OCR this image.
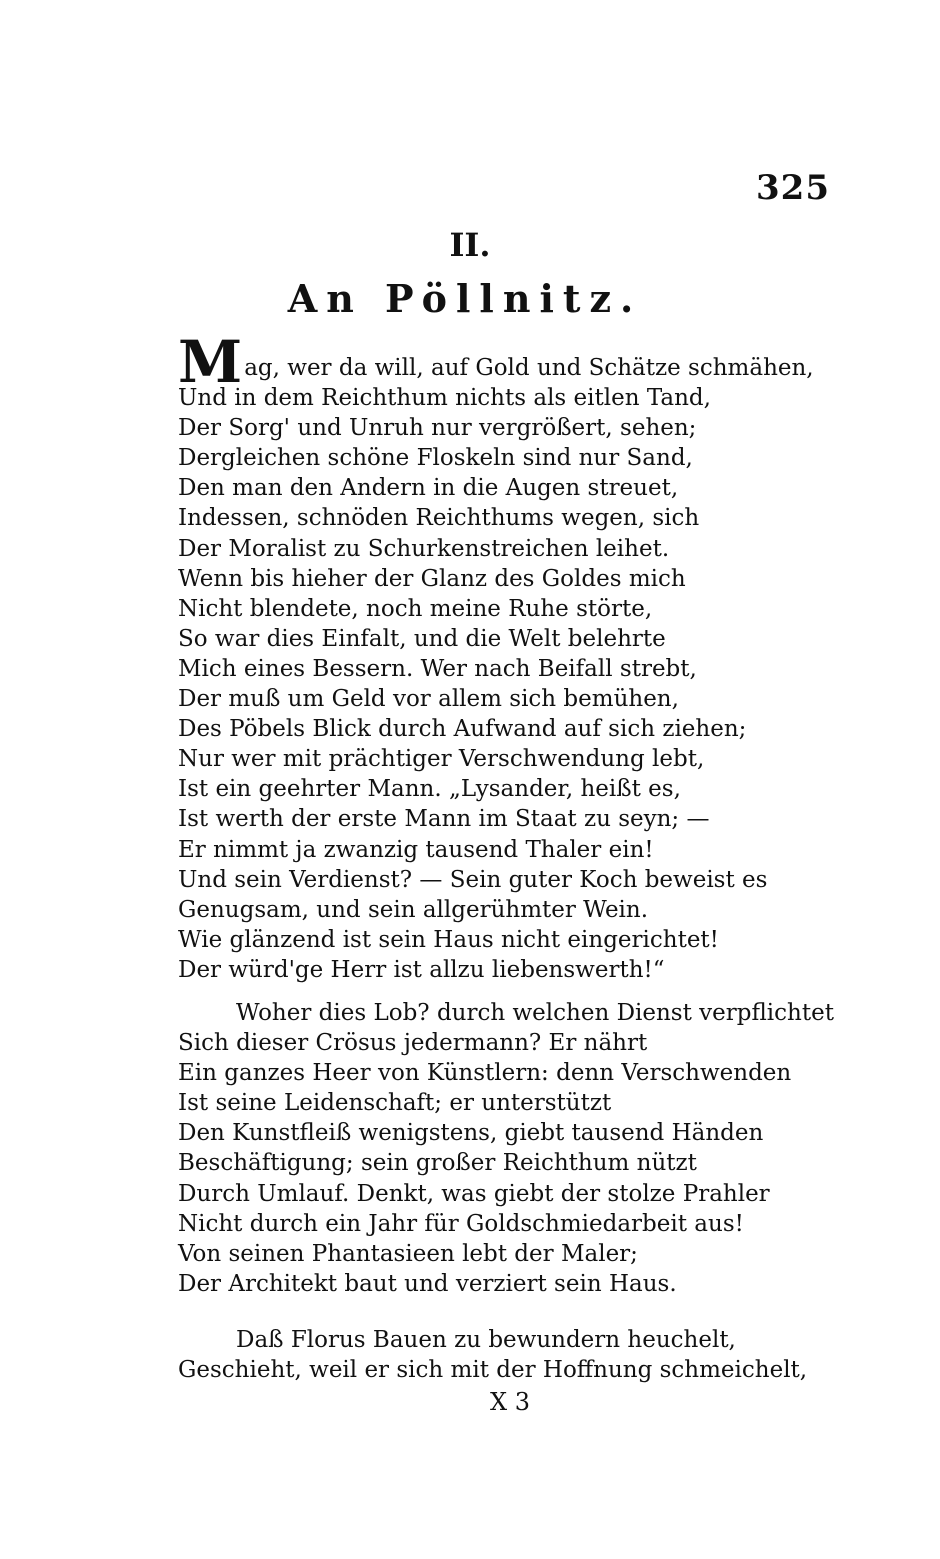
325
II.
An Pöllnitz.
Mag, wer da will, auf Gold und Schätze schmähen,
Und in dem Reichthum nichts als eitlen Tand,
Der Sorg' und Unruh nur vergrößert, sehen;
Dergleichen schöne Floskeln sind nur Sand,
Den man den Andern in die Augen streuet,
Indessen, schnöden Reichthums wegen, sich
Der Moralist zu Schurkenstreichen leihet.
Wenn bis hieher der Glanz des Goldes mich
Nicht blendete, noch meine Ruhe störte,
So war dies Einfalt, und die Welt belehrte
Mich eines Bessern. Wer nach Beifall strebt,
Der muß um Geld vor allem sich bemühen,
Des Pöbels Blick durch Aufwand auf sich ziehen;
Nur wer mit prächtiger Verschwendung lebt,
Ist ein geehrter Mann. „Lysander, heißt es,
Ist werth der erste Mann im Staat zu seyn; —
Er nimmt ja zwanzig tausend Thaler ein!
Und sein Verdienst? — Sein guter Koch beweist es
Genugsam, und sein allgerühmter Wein.
Wie glänzend ist sein Haus nicht eingerichtet!
Der würd'ge Herr ist allzu liebenswerth!“
Woher dies Lob? durch welchen Dienst verpflichtet
Sich dieser Crösus jedermann? Er nährt
Ein ganzes Heer von Künstlern: denn Verschwenden
Ist seine Leidenschaft; er unterstützt
Den Kunstfleiß wenigstens, giebt tausend Händen
Beschäftigung; sein großer Reichthum nützt
Durch Umlauf. Denkt, was giebt der stolze Prahler
Nicht durch ein Jahr für Goldschmiedarbeit aus!
Von seinen Phantasieen lebt der Maler;
Der Architekt baut und verziert sein Haus.
Daß Florus Bauen zu bewundern heuchelt,
Geschieht, weil er sich mit der Hoffnung schmeichelt,
X 3
